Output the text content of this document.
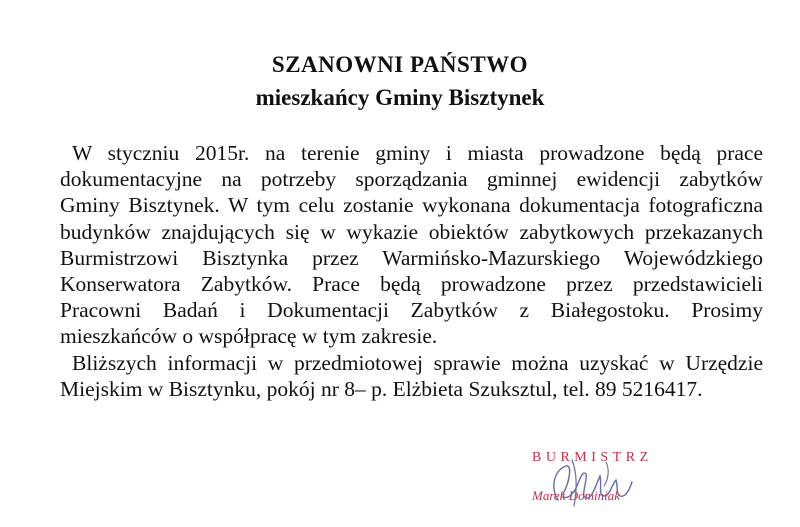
SZANOWNI PAŃSTWO
mieszkańcy Gminy Bisztynek
W styczniu 2015r. na terenie gminy i miasta prowadzone będą prace
dokumentacyjne na potrzeby sporządzania gminnej ewidencji zabytków
Gminy Bisztynek. W tym celu zostanie wykonana dokumentacja fotograficzna
budynków znajdujących się w wykazie obiektów zabytkowych przekazanych
Burmistrzowi Bisztynka przez Warmińsko-Mazurskiego Wojewódzkiego
Konserwatora Zabytków. Prace będą prowadzone przez przedstawicieli
Pracowni Badań i Dokumentacji Zabytków z Białegostoku. Prosimy
mieszkańców o współpracę w tym zakresie.
Bliższych informacji w przedmiotowej sprawie można uzyskać w Urzędzie
Miejskim w Bisztynku, pokój nr 8– p. Elżbieta Szuksztul, tel. 89 5216417.
BURMISTRZ
Marek Dominiak
